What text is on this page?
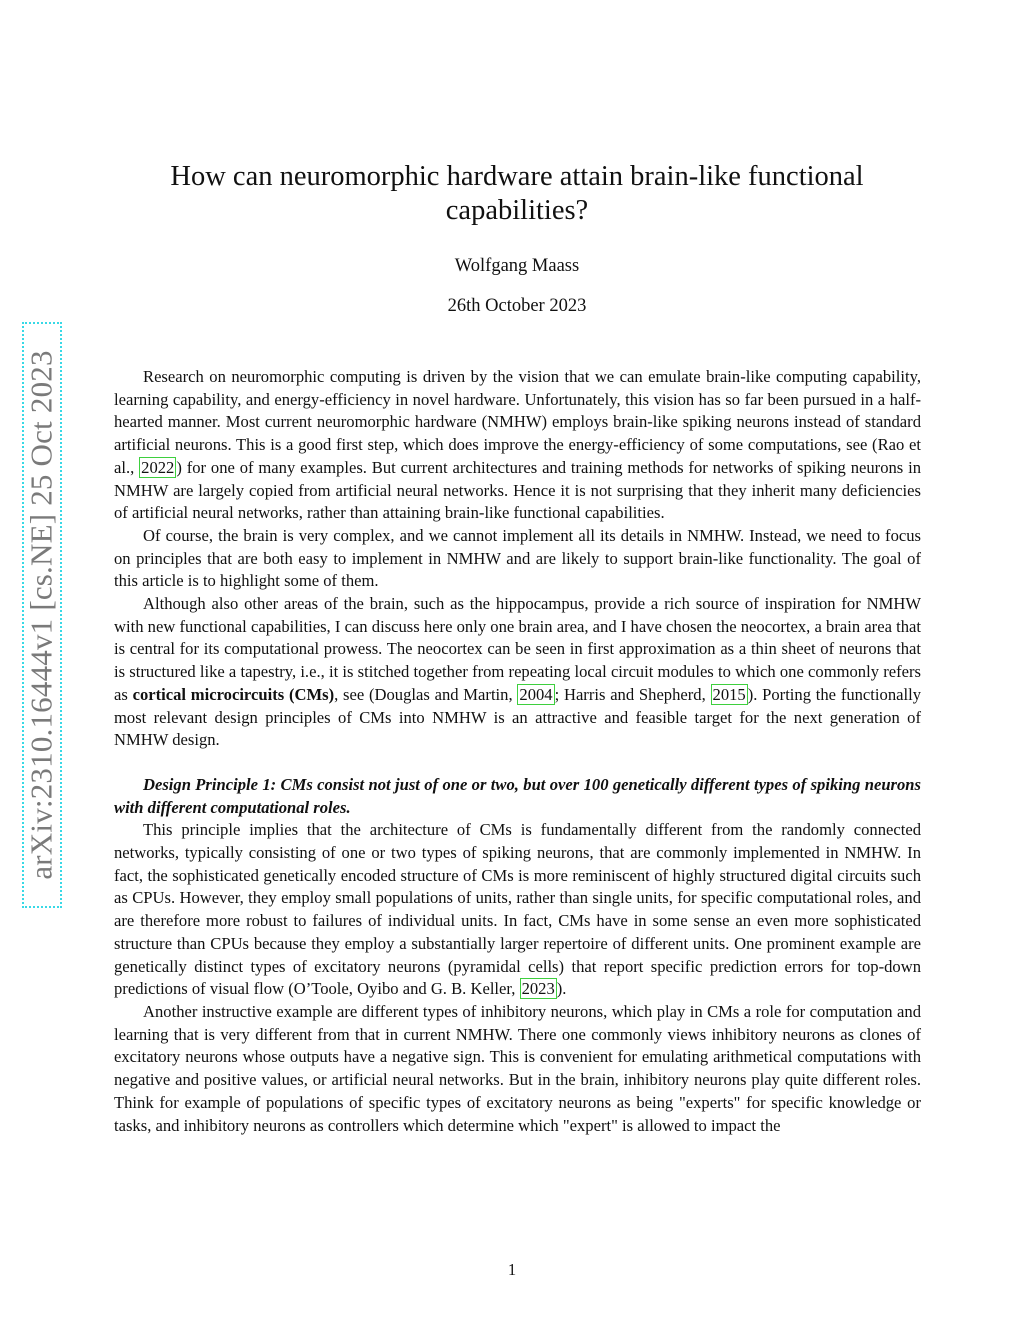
arXiv:2310.16444v1 [cs.NE] 25 Oct 2023
How can neuromorphic hardware attain brain-like functional capabilities?
Wolfgang Maass
26th October 2023

Research on neuromorphic computing is driven by the vision that we can emulate brain-like computing capability, learning capability, and energy-efficiency in novel hardware. Unfortunately, this vision has so far been pursued in a half-hearted manner. Most current neuromorphic hardware (NMHW) employs brain-like spiking neurons instead of standard artificial neurons. This is a good first step, which does improve the energy-efficiency of some computations, see (Rao et al., 2022 ) for one of many examples. But current architectures and training methods for networks of spiking neurons in NMHW are largely copied from artificial neural networks. Hence it is not surprising that they inherit many deficiencies of artificial neural networks, rather than attaining brain-like functional capabilities.

Of course, the brain is very complex, and we cannot implement all its details in NMHW. Instead, we need to focus on principles that are both easy to implement in NMHW and are likely to support brain-like functionality. The goal of this article is to highlight some of them.

Although also other areas of the brain, such as the hippocampus, provide a rich source of inspiration for NMHW with new functional capabilities, I can discuss here only one brain area, and I have chosen the neocortex, a brain area that is central for its computational prowess. The neocortex can be seen in first approximation as a thin sheet of neurons that is structured like a tapestry, i.e., it is stitched together from repeating local circuit modules to which one commonly refers as cortical microcircuits (CMs), see (Douglas and Martin, 2004 ; Harris and Shepherd, 2015 ). Porting the functionally most relevant design principles of CMs into NMHW is an attractive and feasible target for the next generation of NMHW design.

Design Principle 1: CMs consist not just of one or two, but over 100 genetically different types of spiking neurons with different computational roles.

This principle implies that the architecture of CMs is fundamentally different from the randomly connected networks, typically consisting of one or two types of spiking neurons, that are commonly implemented in NMHW. In fact, the sophisticated genetically encoded structure of CMs is more reminiscent of highly structured digital circuits such as CPUs. However, they employ small populations of units, rather than single units, for specific computational roles, and are therefore more robust to failures of individual units. In fact, CMs have in some sense an even more sophisticated structure than CPUs because they employ a substantially larger repertoire of different units. One prominent example are genetically distinct types of excitatory neurons (pyramidal cells) that report specific prediction errors for top-down predictions of visual flow (O’Toole, Oyibo and G. B. Keller, 2023 ).

Another instructive example are different types of inhibitory neurons, which play in CMs a role for computation and learning that is very different from that in current NMHW. There one commonly views inhibitory neurons as clones of excitatory neurons whose outputs have a negative sign. This is convenient for emulating arithmetical computations with negative and positive values, or artificial neural networks. But in the brain, inhibitory neurons play quite different roles. Think for example of populations of specific types of excitatory neurons as being "experts" for specific knowledge or tasks, and inhibitory neurons as controllers which determine which "expert" is allowed to impact the

1
